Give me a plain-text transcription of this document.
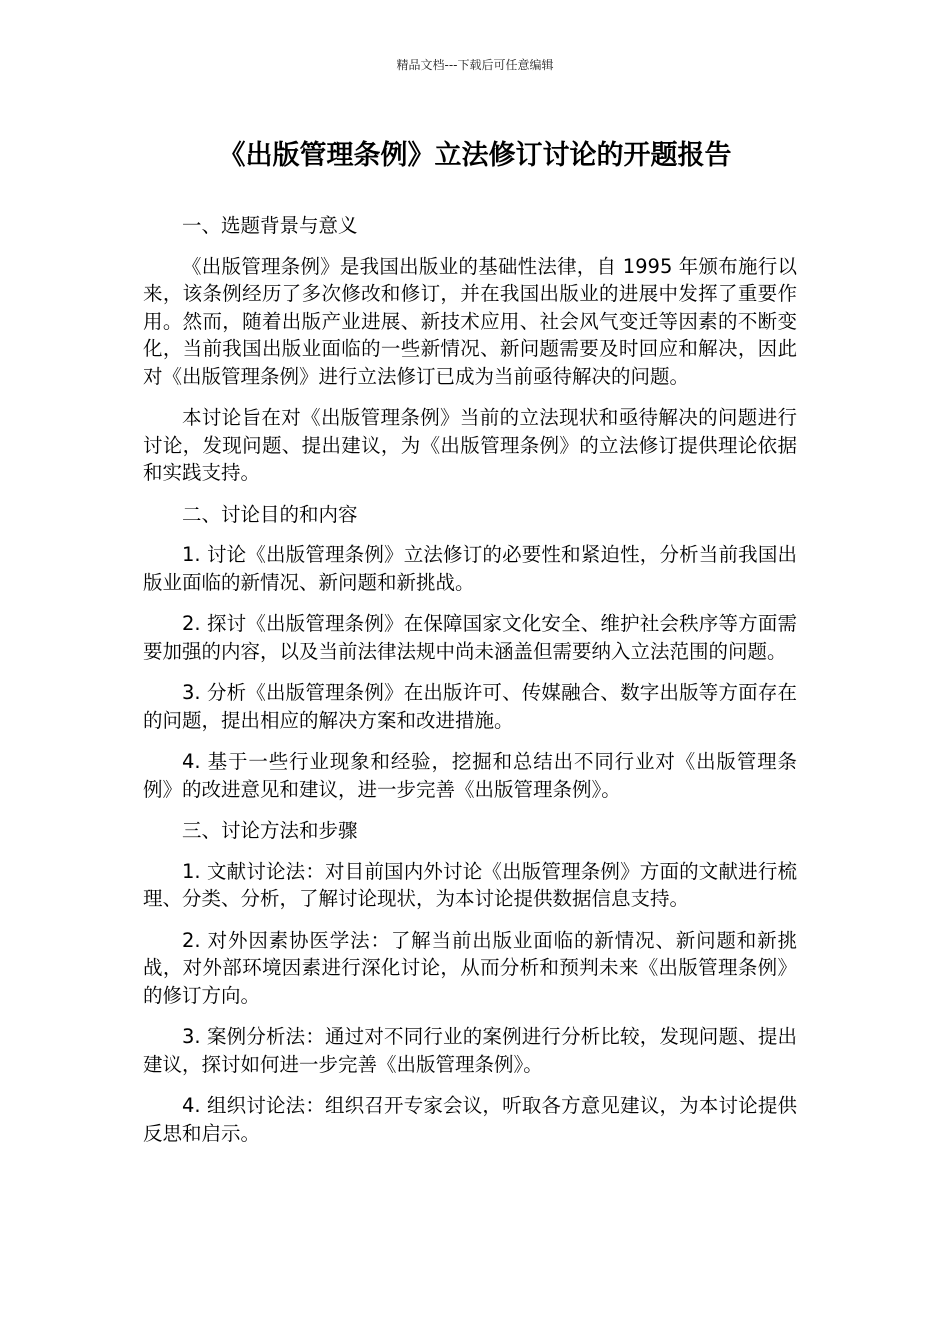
精品文档---下载后可任意编辑
《出版管理条例》立法修订讨论的开题报告

一、选题背景与意义

《出版管理条例》是我国出版业的基础性法律，自 1995 年颁布施行以来，该条例经历了多次修改和修订，并在我国出版业的进展中发挥了重要作用。然而，随着出版产业进展、新技术应用、社会风气变迁等因素的不断变化，当前我国出版业面临的一些新情况、新问题需要及时回应和解决，因此对《出版管理条例》进行立法修订已成为当前亟待解决的问题。

本讨论旨在对《出版管理条例》当前的立法现状和亟待解决的问题进行讨论，发现问题、提出建议，为《出版管理条例》的立法修订提供理论依据和实践支持。

二、讨论目的和内容

1. 讨论《出版管理条例》立法修订的必要性和紧迫性，分析当前我国出版业面临的新情况、新问题和新挑战。

2. 探讨《出版管理条例》在保障国家文化安全、维护社会秩序等方面需要加强的内容，以及当前法律法规中尚未涵盖但需要纳入立法范围的问题。

3. 分析《出版管理条例》在出版许可、传媒融合、数字出版等方面存在的问题，提出相应的解决方案和改进措施。

4. 基于一些行业现象和经验，挖掘和总结出不同行业对《出版管理条例》的改进意见和建议，进一步完善《出版管理条例》。

三、讨论方法和步骤

1. 文献讨论法：对目前国内外讨论《出版管理条例》方面的文献进行梳理、分类、分析，了解讨论现状，为本讨论提供数据信息支持。

2. 对外因素协医学法：了解当前出版业面临的新情况、新问题和新挑战，对外部环境因素进行深化讨论，从而分析和预判未来《出版管理条例》的修订方向。

3. 案例分析法：通过对不同行业的案例进行分析比较，发现问题、提出建议，探讨如何进一步完善《出版管理条例》。

4. 组织讨论法：组织召开专家会议，听取各方意见建议，为本讨论提供反思和启示。
